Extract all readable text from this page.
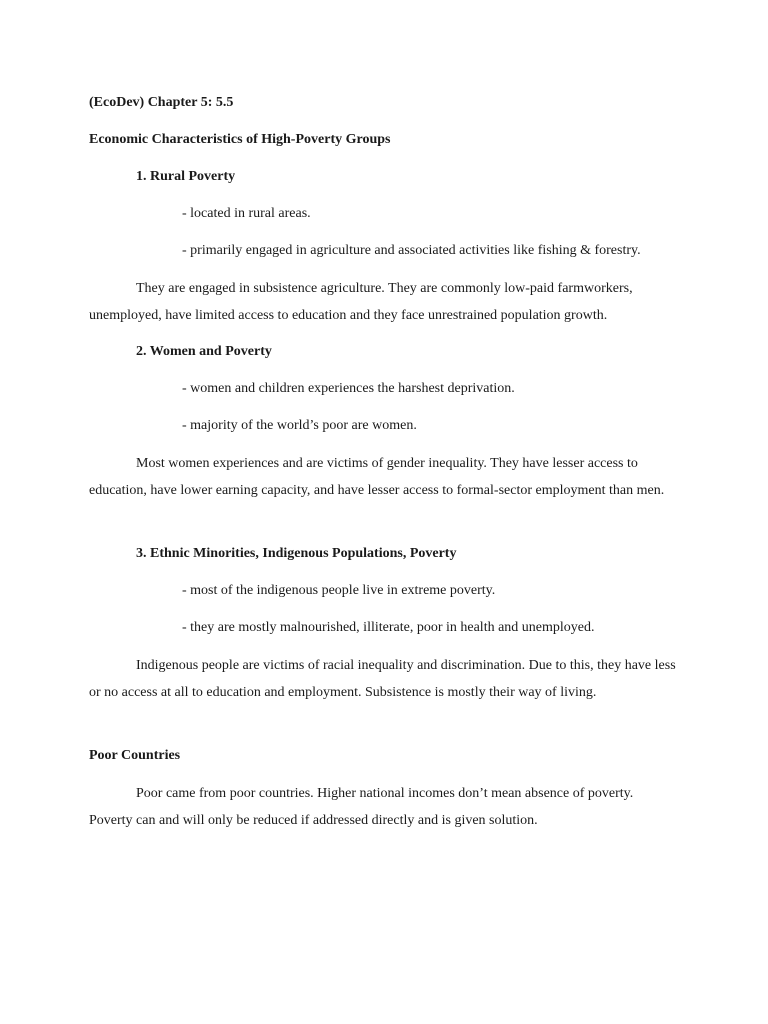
(EcoDev) Chapter 5: 5.5
Economic Characteristics of High-Poverty Groups
1. Rural Poverty
- located in rural areas.
- primarily engaged in agriculture and associated activities like fishing & forestry.

They are engaged in subsistence agriculture. They are commonly low-paid farmworkers, unemployed, have limited access to education and they face unrestrained population growth.

2. Women and Poverty
- women and children experiences the harshest deprivation.
- majority of the world’s poor are women.

Most women experiences and are victims of gender inequality. They have lesser access to education, have lower earning capacity, and have lesser access to formal-sector employment than men.

3. Ethnic Minorities, Indigenous Populations, Poverty
- most of the indigenous people live in extreme poverty.
- they are mostly malnourished, illiterate, poor in health and unemployed.

Indigenous people are victims of racial inequality and discrimination. Due to this, they have less or no access at all to education and employment. Subsistence is mostly their way of living.

Poor Countries

Poor came from poor countries. Higher national incomes don’t mean absence of poverty. Poverty can and will only be reduced if addressed directly and is given solution.
